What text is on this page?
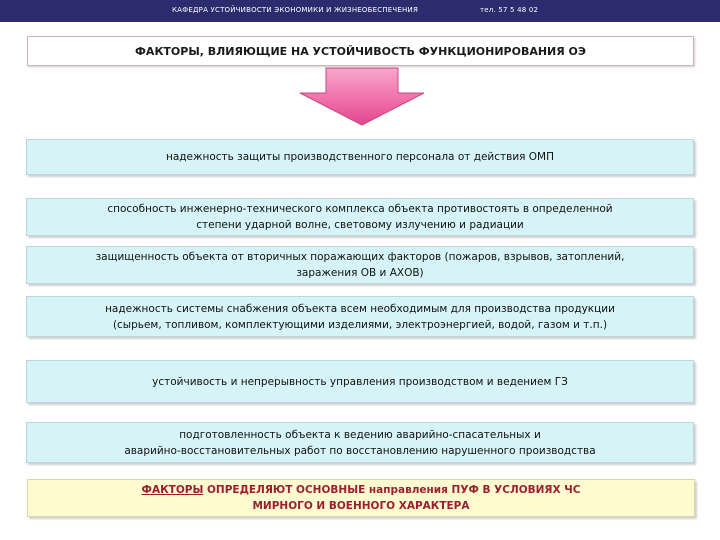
КАФЕДРА УСТОЙЧИВОСТИ ЭКОНОМИКИ И ЖИЗНЕОБЕСПЕЧЕНИЯ	тел. 57 5 48 02
ФАКТОРЫ, ВЛИЯЮЩИЕ НА УСТОЙЧИВОСТЬ ФУНКЦИОНИРОВАНИЯ ОЭ
надежность защиты производственного персонала от действия ОМП
способность инженерно-технического комплекса объекта противостоять в определенной
степени ударной волне, световому излучению и радиации
защищенность объекта от вторичных поражающих факторов (пожаров, взрывов, затоплений,
заражения ОВ и АХОВ)
надежность системы снабжения объекта всем необходимым для производства продукции
(сырьем, топливом, комплектующими изделиями, электроэнергией, водой, газом и т.п.)
устойчивость и непрерывность управления производством и ведением ГЗ
подготовленность объекта к ведению аварийно-спасательных и
аварийно-восстановительных работ по восстановлению нарушенного производства
ФАКТОРЫ ОПРЕДЕЛЯЮТ ОСНОВНЫЕ направления ПУФ В УСЛОВИЯХ ЧС
МИРНОГО И ВОЕННОГО ХАРАКТЕРА
